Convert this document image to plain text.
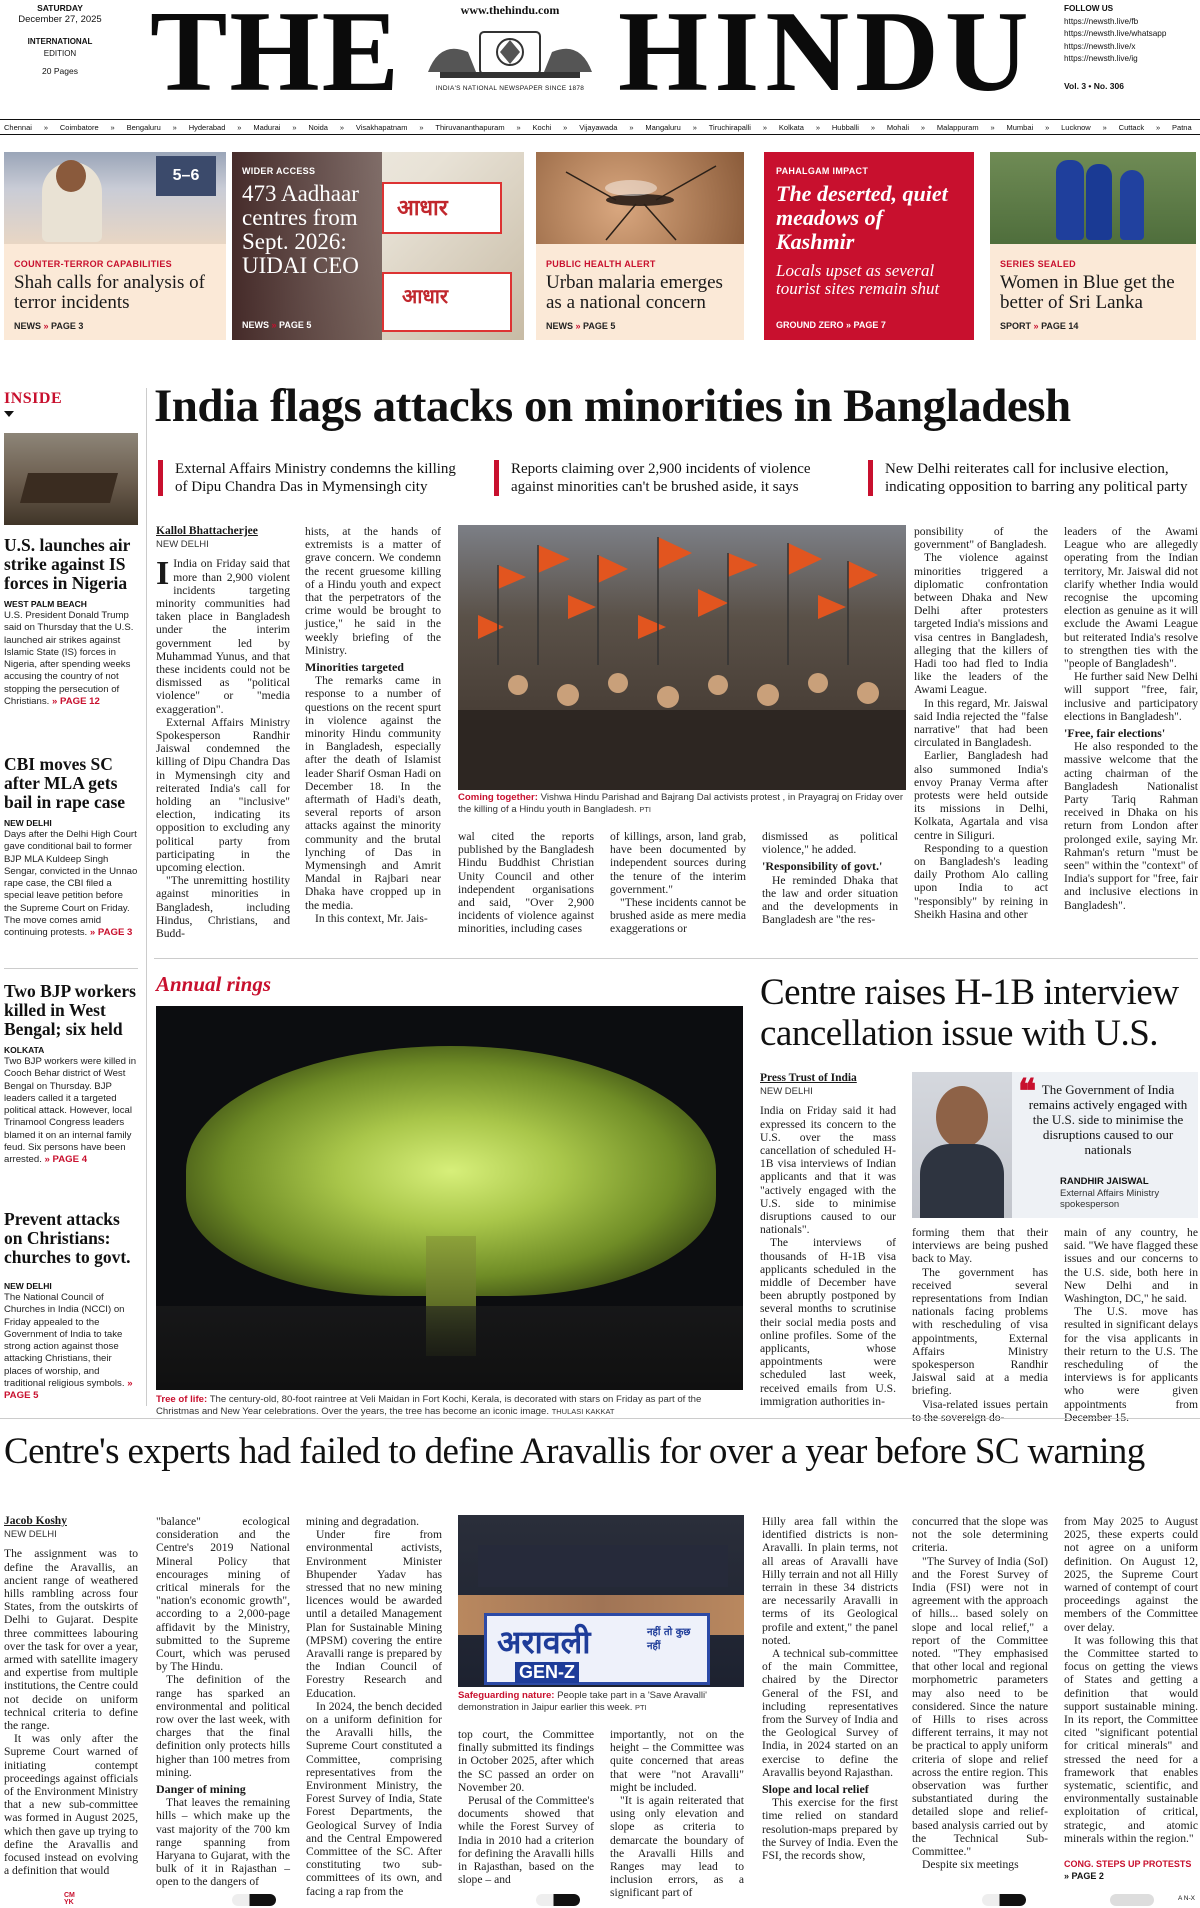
SATURDAY
December 27, 2025
INTERNATIONAL
EDITION
20 Pages THE HINDU
www.thehindu.com
INDIA'S NATIONAL NEWSPAPER SINCE 1878
FOLLOW US
https://newsth.live/fb
https://newsth.live/whatsapp
https://newsth.live/x
https://newsth.live/ig
Vol. 3 • No. 306
Chennai » Coimbatore » Bengaluru » Hyderabad » Madurai » Noida » Visakhapatnam » Thiruvananthapuram » Kochi » Vijayawada » Mangaluru » Tiruchirapalli » Kolkata » Hubballi » Mohali » Malappuram » Mumbai » Lucknow » Cuttack » Patna
5–6
COUNTER-TERROR CAPABILITIES
Shah calls for analysis of terror incidents
NEWS » PAGE 3
आधार
आधार
WIDER ACCESS
473 Aadhaar centres from Sept. 2026: UIDAI CEO
NEWS » PAGE 5
PUBLIC HEALTH ALERT
Urban malaria emerges as a national concern
NEWS » PAGE 5
PAHALGAM IMPACT
The deserted, quiet meadows of Kashmir
Locals upset as several tourist sites remain shut
GROUND ZERO » PAGE 7
SERIES SEALED
Women in Blue get the better of Sri Lanka
SPORT » PAGE 14
INSIDE
U.S. launches air strike against IS forces in Nigeria
WEST PALM BEACH
U.S. President Donald Trump said on Thursday that the U.S. launched air strikes against Islamic State (IS) forces in Nigeria, after spending weeks accusing the country of not stopping the persecution of Christians. » PAGE 12
CBI moves SC after MLA gets bail in rape case
NEW DELHI
Days after the Delhi High Court gave conditional bail to former BJP MLA Kuldeep Singh Sengar, convicted in the Unnao rape case, the CBI filed a special leave petition before the Supreme Court on Friday. The move comes amid continuing protests. » PAGE 3
Two BJP workers killed in West Bengal; six held
KOLKATA
Two BJP workers were killed in Cooch Behar district of West Bengal on Thursday. BJP leaders called it a targeted political attack. However, local Trinamool Congress leaders blamed it on an internal family feud. Six persons have been arrested. » PAGE 4
Prevent attacks on Christians: churches to govt.
NEW DELHI
The National Council of Churches in India (NCCI) on Friday appealed to the Government of India to take strong action against those attacking Christians, their places of worship, and traditional religious symbols. » PAGE 5
India flags attacks on minorities in Bangladesh
External Affairs Ministry condemns the killing of Dipu Chandra Das in Mymensingh city
Reports claiming over 2,900 incidents of violence against minorities can't be brushed aside, it says
New Delhi reiterates call for inclusive election, indicating opposition to barring any political party
Kallol Bhattacherjee
NEW DELHI

I India on Friday said that more than 2,900 violent incidents targeting minority communities had taken place in Bangladesh under the interim government led by Muhammad Yunus, and that these incidents could not be dismissed as "political violence" or "media exaggeration".

External Affairs Ministry Spokesperson Randhir Jaiswal condemned the killing of Dipu Chandra Das in Mymensingh city and reiterated India's call for holding an "inclusive" election, indicating its opposition to excluding any political party from participating in the upcoming election.

"The unremitting hostility against minorities in Bangladesh, including Hindus, Christians, and Budd-

hists, at the hands of extremists is a matter of grave concern. We condemn the recent gruesome killing of a Hindu youth and expect that the perpetrators of the crime would be brought to justice," he said in the weekly briefing of the Ministry.

Minorities targeted

The remarks came in response to a number of questions on the recent spurt in violence against the minority Hindu community in Bangladesh, especially after the death of Islamist leader Sharif Osman Hadi on December 18. In the aftermath of Hadi's death, several reports of arson attacks against the minority community and the brutal lynching of Das in Mymensingh and Amrit Mandal in Rajbari near Dhaka have cropped up in the media.

In this context, Mr. Jais-

Coming together: Vishwa Hindu Parishad and Bajrang Dal activists protest , in Prayagraj on Friday over the killing of a Hindu youth in Bangladesh. PTI

wal cited the reports published by the Bangladesh Hindu Buddhist Christian Unity Council and other independent organisations and said, "Over 2,900 incidents of violence against minorities, including cases

of killings, arson, land grab, have been documented by independent sources during the tenure of the interim government."

"These incidents cannot be brushed aside as mere media exaggerations or

dismissed as political violence," he added.

'Responsibility of govt.'

He reminded Dhaka that the law and order situation and the developments in Bangladesh are "the res-

ponsibility of the government" of Bangladesh.

The violence against minorities triggered a diplomatic confrontation between Dhaka and New Delhi after protesters targeted India's missions and visa centres in Bangladesh, alleging that the killers of Hadi too had fled to India like the leaders of the Awami League.

In this regard, Mr. Jaiswal said India rejected the "false narrative" that had been circulated in Bangladesh.

Earlier, Bangladesh had also summoned India's envoy Pranay Verma after protests were held outside its missions in Delhi, Kolkata, Agartala and visa centre in Siliguri.

Responding to a question on Bangladesh's leading daily Prothom Alo calling upon India to act "responsibly" by reining in Sheikh Hasina and other

leaders of the Awami League who are allegedly operating from the Indian territory, Mr. Jaiswal did not clarify whether India would recognise the upcoming election as genuine as it will exclude the Awami League but reiterated India's resolve to strengthen ties with the "people of Bangladesh".

He further said New Delhi will support "free, fair, inclusive and participatory elections in Bangladesh".

'Free, fair elections'

He also responded to the massive welcome that the acting chairman of the Bangladesh Nationalist Party Tariq Rahman received in Dhaka on his return from London after prolonged exile, saying Mr. Rahman's return "must be seen" within the "context" of India's support for "free, fair and inclusive elections in Bangladesh".

Annual rings
Tree of life: The century-old, 80-foot raintree at Veli Maidan in Fort Kochi, Kerala, is decorated with stars on Friday as part of the Christmas and New Year celebrations. Over the years, the tree has become an iconic image. THULASI KAKKAT
Centre raises H-1B interview cancellation issue with U.S.
Press Trust of India
NEW DELHI

India on Friday said it had expressed its concern to the U.S. over the mass cancellation of scheduled H-1B visa interviews of Indian applicants and that it was "actively engaged with the U.S. side to minimise disruptions caused to our nationals".

The interviews of thousands of H-1B visa applicants scheduled in the middle of December have been abruptly postponed by several months to scrutinise their social media posts and online profiles. Some of the applicants, whose appointments were scheduled last week, received emails from U.S. immigration authorities in-

❝ The Government of India remains actively engaged with the U.S. side to minimise the disruptions caused to our nationals
RANDHIR JAISWAL
External Affairs Ministry spokesperson

forming them that their interviews are being pushed back to May.

The government has received several representations from Indian nationals facing problems with rescheduling of visa appointments, External Affairs Ministry spokesperson Randhir Jaiswal said at a media briefing.

Visa-related issues pertain

main of any country, he said. "We have flagged these issues and our concerns to the U.S. side, both here in New Delhi and in Washington, DC," he said.

The U.S. move has resulted in significant delays for the visa applicants in their return to the U.S. The rescheduling of the interviews is for applicants who were given appointments from

Centre's experts had failed to define Aravallis for over a year before SC warning
Jacob Koshy
NEW DELHI

The assignment was to define the Aravallis, an ancient range of weathered hills rambling across four States, from the outskirts of Delhi to Gujarat. Despite three committees labouring over the task for over a year, armed with satellite imagery and expertise from multiple institutions, the Centre could not decide on uniform technical criteria to define the range.

It was only after the Supreme Court warned of initiating contempt proceedings against officials of the Environment Ministry that a new sub-committee was formed in August 2025, which then gave up trying to define the Aravallis and focused instead on evolving a definition that would

"balance" ecological consideration and the Centre's 2019 National Mineral Policy that encourages mining of critical minerals for the "nation's economic growth", according to a 2,000-page affidavit by the Ministry, submitted to the Supreme Court, which was perused by The Hindu.

The definition of the range has sparked an environmental and political row over the last week, with charges that the final definition only protects hills higher than 100 metres from mining.

Danger of mining

That leaves the remaining hills – which make up the vast majority of the 700 km range spanning from Haryana to Gujarat, with the bulk of it in Rajasthan – open to the dangers of

mining and degradation.

Under fire from environmental activists, Environment Minister Bhupender Yadav has stressed that no new mining licences would be awarded until a detailed Management Plan for Sustainable Mining (MPSM) covering the entire Aravalli range is prepared by the Indian Council of Forestry Research and Education.

In 2024, the bench decided on a uniform definition for the Aravalli hills, the Supreme Court constituted a Committee, comprising representatives from the Environment Ministry, the Forest Survey of India, State Forest Departments, the Geological Survey of India and the Central Empowered Committee of the SC. After constituting two sub-committees of its own, and facing a rap from the

अरावली	नहीं तो कुछ नहीं
GEN-Z
Safeguarding nature: People take part in a 'Save Aravalli' demonstration in Jaipur earlier this week. PTI

top court, the Committee finally submitted its findings in October 2025, after which the SC passed an order on November 20.

Perusal of the Committee's documents showed that while the Forest Survey of India in 2010 had a criterion for defining the Aravalli hills in Rajasthan, based on the slope – and

importantly, not on the height – the Committee was quite concerned that areas that were "not Aravalli" might be included.

"It is again reiterated that using only elevation and slope as criteria to demarcate the boundary of the Aravalli Hills and Ranges may lead to inclusion errors, as a significant part of

Hilly area fall within the identified districts is non-Aravalli. In plain terms, not all areas of Aravalli have Hilly terrain and not all Hilly terrain in these 34 districts are necessarily Aravalli in terms of its Geological profile and extent," the panel noted.

A technical sub-committee of the main Committee, chaired by the Director General of the FSI, and including representatives from the Survey of India and the Geological Survey of India, in 2024 started on an exercise to define the Aravallis beyond Rajasthan.

Slope and local relief

This exercise for the first time relied on standard resolution-maps prepared by the Survey of India. Even the FSI, the records show,

concurred that the slope was not the sole determining criteria.

"The Survey of India (SoI) and the Forest Survey of India (FSI) were not in agreement with the approach of hills... based solely on slope and local relief," a report of the Committee noted. "They emphasised that other local and regional morphometric parameters may also need to be considered. Since the nature of Hills to rises across different terrains, it may not be practical to apply uniform criteria of slope and relief across the entire region. This observation was further substantiated during the detailed slope and relief-based analysis carried out by the Technical Sub-Committee."

Despite six meetings

from May 2025 to August 2025, these experts could not agree on a uniform definition. On August 12, 2025, the Supreme Court warned of contempt of court proceedings against the members of the Committee over delay.

It was following this that the Committee started to focus on getting the views of States and getting a definition that would support sustainable mining. In its report, the Committee cited "significant potential for critical minerals" and stressed the need for a framework that enables systematic, scientific, and environmentally sustainable exploitation of critical, strategic, and atomic minerals within the region."

CONG. STEPS UP PROTESTS
» PAGE 2
CMYK
A N-X
